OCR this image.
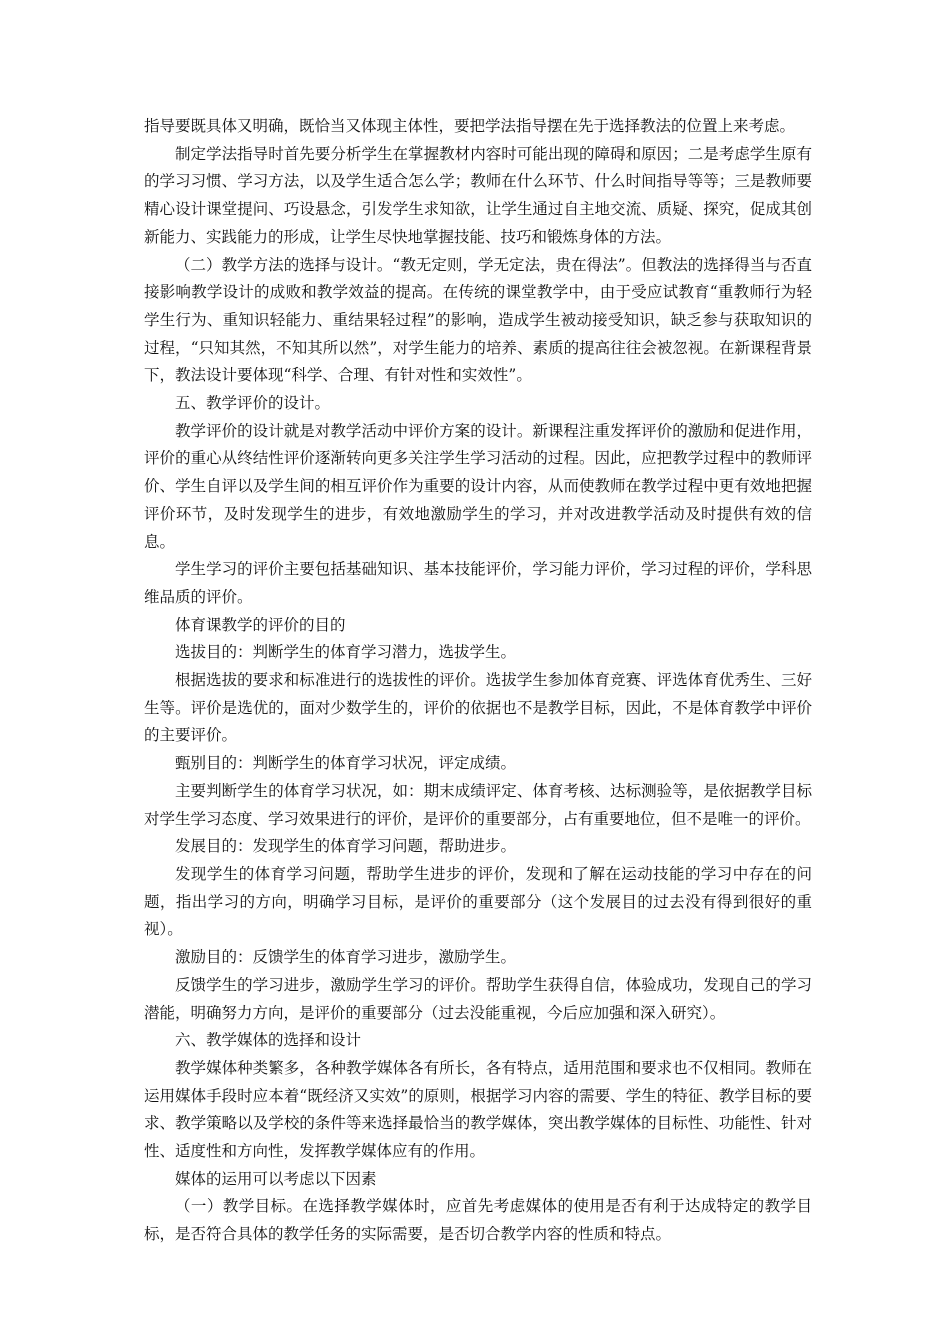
指导要既具体又明确，既恰当又体现主体性，要把学法指导摆在先于选择教法的位置上来考虑。

制定学法指导时首先要分析学生在掌握教材内容时可能出现的障碍和原因；二是考虑学生原有的学习习惯、学习方法，以及学生适合怎么学；教师在什么环节、什么时间指导等等；三是教师要精心设计课堂提问、巧设悬念，引发学生求知欲，让学生通过自主地交流、质疑、探究，促成其创新能力、实践能力的形成，让学生尽快地掌握技能、技巧和锻炼身体的方法。

（二）教学方法的选择与设计。“教无定则，学无定法，贵在得法”。但教法的选择得当与否直接影响教学设计的成败和教学效益的提高。在传统的课堂教学中，由于受应试教育“重教师行为轻学生行为、重知识轻能力、重结果轻过程”的影响，造成学生被动接受知识，缺乏参与获取知识的过程，“只知其然，不知其所以然”，对学生能力的培养、素质的提高往往会被忽视。在新课程背景下，教法设计要体现“科学、合理、有针对性和实效性”。

五、教学评价的设计。

教学评价的设计就是对教学活动中评价方案的设计。新课程注重发挥评价的激励和促进作用，评价的重心从终结性评价逐渐转向更多关注学生学习活动的过程。因此，应把教学过程中的教师评价、学生自评以及学生间的相互评价作为重要的设计内容，从而使教师在教学过程中更有效地把握评价环节，及时发现学生的进步，有效地激励学生的学习，并对改进教学活动及时提供有效的信息。

学生学习的评价主要包括基础知识、基本技能评价，学习能力评价，学习过程的评价，学科思维品质的评价。

体育课教学的评价的目的

选拔目的：判断学生的体育学习潜力，选拔学生。

根据选拔的要求和标准进行的选拔性的评价。选拔学生参加体育竞赛、评选体育优秀生、三好生等。评价是选优的，面对少数学生的，评价的依据也不是教学目标，因此，不是体育教学中评价的主要评价。

甄别目的：判断学生的体育学习状况，评定成绩。

主要判断学生的体育学习状况，如：期末成绩评定、体育考核、达标测验等，是依据教学目标对学生学习态度、学习效果进行的评价，是评价的重要部分，占有重要地位，但不是唯一的评价。

发展目的：发现学生的体育学习问题，帮助进步。

发现学生的体育学习问题，帮助学生进步的评价，发现和了解在运动技能的学习中存在的问题，指出学习的方向，明确学习目标，是评价的重要部分（这个发展目的过去没有得到很好的重视）。

激励目的：反馈学生的体育学习进步，激励学生。

反馈学生的学习进步，激励学生学习的评价。帮助学生获得自信，体验成功，发现自己的学习潜能，明确努力方向，是评价的重要部分（过去没能重视，今后应加强和深入研究）。

六、教学媒体的选择和设计

教学媒体种类繁多，各种教学媒体各有所长，各有特点，适用范围和要求也不仅相同。教师在运用媒体手段时应本着“既经济又实效”的原则，根据学习内容的需要、学生的特征、教学目标的要求、教学策略以及学校的条件等来选择最恰当的教学媒体，突出教学媒体的目标性、功能性、针对性、适度性和方向性，发挥教学媒体应有的作用。

媒体的运用可以考虑以下因素

（一）教学目标。在选择教学媒体时，应首先考虑媒体的使用是否有利于达成特定的教学目标，是否符合具体的教学任务的实际需要，是否切合教学内容的性质和特点。
